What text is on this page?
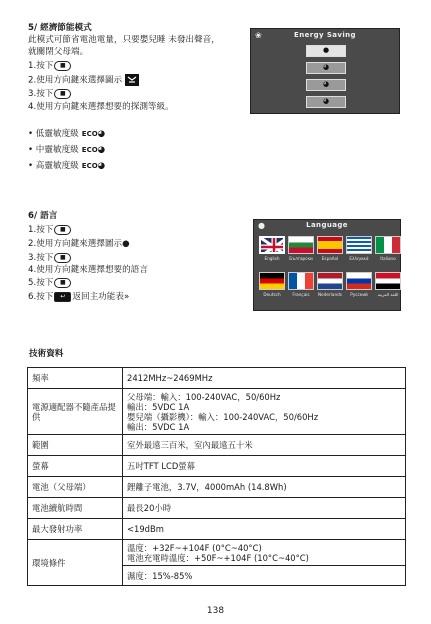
5/ 經濟節能模式
此模式可節省電池電量，只要嬰兒睡 未發出聲音，
就關閉父母端。
1.按下 ■
2.使用方向鍵來選擇圖示
3.按下 ■
4.使用方向鍵來選擇想要的探測等級。
• 低靈敏度級 ECO◕
• 中靈敏度級 ECO◕
• 高靈敏度級 ECO◕
❀	Energy Saving
●
◕
◕
◕
6/ 語言
1.按下 ■
2.使用方向鍵來選擇圖示●
3.按下 ■
4.使用方向鍵來選擇想要的語言
5.按下 ■
6.按下 ↩ 返回主功能表»
●	Language
English	Български	Español	Ελληνικά	Italiano
Deutsch	Français	Nederlands	Русский	اللغة العربية
技術資料
頻率	2412MHz~2469MHz
電源適配器不隨產品提供	父母端：輸入：100-240VAC，50/60Hz
輸出：5VDC 1A
嬰兒端（攝影機）：輸入：100-240VAC，50/60Hz
輸出：5VDC 1A

範圍	室外最遠三百米，室內最遠五十米
螢幕	五吋TFT LCD螢幕
電池（父母端）	鋰離子電池，3.7V，4000mAh (14.8Wh)
電池續航時間	最長20小時
最大發射功率	<19dBm
環境條件	溫度：+32F~+104F (0°C~40°C)
電池充電時溫度：+50F~+104F (10°C~40°C)

	濕度：15%-85%
138
